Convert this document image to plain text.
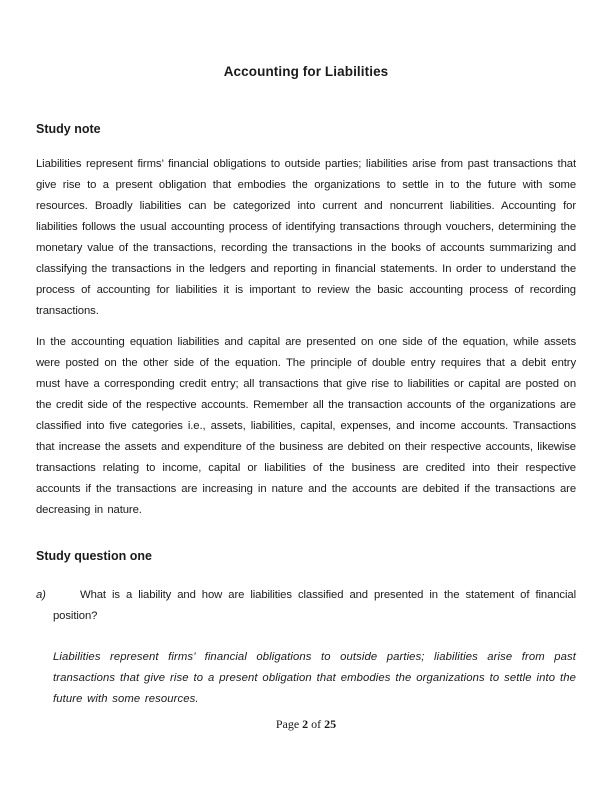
Accounting for Liabilities
Study note

Liabilities represent firms’ financial obligations to outside parties; liabilities arise from past transactions that give rise to a present obligation that embodies the organizations to settle in to the future with some resources. Broadly liabilities can be categorized into current and noncurrent liabilities. Accounting for liabilities follows the usual accounting process of identifying transactions through vouchers, determining the monetary value of the transactions, recording the transactions in the books of accounts summarizing and classifying the transactions in the ledgers and reporting in financial statements. In order to understand the process of accounting for liabilities it is important to review the basic accounting process of recording transactions.

In the accounting equation liabilities and capital are presented on one side of the equation, while assets were posted on the other side of the equation. The principle of double entry requires that a debit entry must have a corresponding credit entry; all transactions that give rise to liabilities or capital are posted on the credit side of the respective accounts. Remember all the transaction accounts of the organizations are classified into five categories i.e., assets, liabilities, capital, expenses, and income accounts. Transactions that increase the assets and expenditure of the business are debited on their respective accounts, likewise transactions relating to income, capital or liabilities of the business are credited into their respective accounts if the transactions are increasing in nature and the accounts are debited if the transactions are decreasing in nature.

Study question one
a)	What is a liability and how are liabilities classified and presented in the statement of financial position?

Liabilities represent firms’ financial obligations to outside parties; liabilities arise from past transactions that give rise to a present obligation that embodies the organizations to settle into the future with some resources.

Page 2 of 25
